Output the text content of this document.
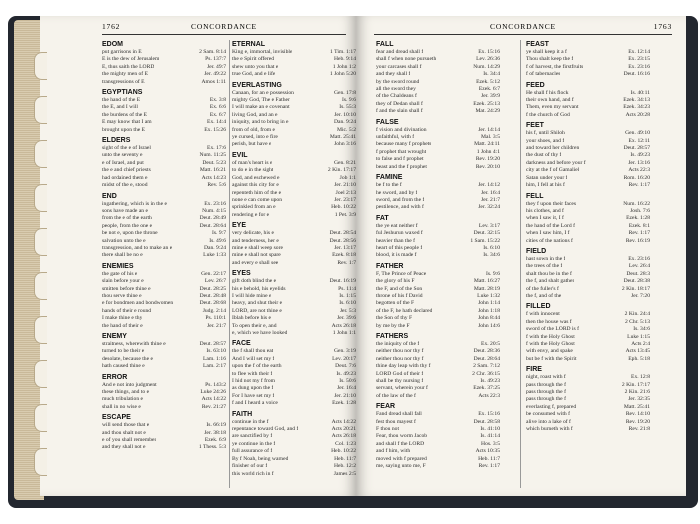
1762	CONCORDANCE
EDOM
put garrisons in E	2 Sam. 8:14
E is the dew of Jerusalem	Ps. 137:7
E, thus saith the LORD	Jer. 49:7
the mighty men of E	Jer. 49:22
transgressions of E	Amos 1:11
EGYPTIANS
the hand of the E	Ex. 3:8
the E, and I will	Ex. 6:6
the burdens of the E	Ex. 6:7
E may know that I am	Ex. 14:4
brought upon the E	Ex. 15:26
ELDERS
sight of the e of Israel	Ex. 17:6
unto the seventy e	Num. 11:25
e of Israel, and put	Deut. 5:23
the e and chief priests	Matt. 16:21
had ordained them e	Acts 14:23
midst of the e, stood	Rev. 5:6
END
ingathering, which is in the e	Ex. 23:16
sons have made an e	Num. 4:15
from the e of the earth	Deut. 28:49
people, from the one e	Deut. 28:64
be not e, upon the throne	Is. 9:7
salvation unto the e	Is. 49:6
transgression, and to make an e	Dan. 9:24
there shall be no e	Luke 1:33
ENEMIES
the gate of his e	Gen. 22:17
slain before your e	Lev. 26:7
smitten before thine e	Deut. 28:25
thou serve thine e	Deut. 28:48
e for bondmen and bondwomen	Deut. 28:68
hands of their e round	Judg. 2:14
I make thine e thy	Ps. 110:1
the hand of their e	Jer. 21:7
ENEMY
straitness, wherewith thine e	Deut. 28:57
turned to be their e	Is. 63:10
desolate, because the e	Lam. 1:16
hath caused thine e	Lam. 2:17
ERROR
And e not into judgment	Ps. 143:2
these things, and to e	Luke 24:26
much tribulation e	Acts 14:22
shall in no wise e	Rev. 21:27
ESCAPE
will send those that e	Is. 66:19
and thou shalt not e	Jer. 38:18
e of you shall remember	Ezek. 6:9
and they shall not e	1 Thess. 5:3
ETERNAL
King e, immortal, invisible	1 Tim. 1:17
the e Spirit offered	Heb. 9:14
shew unto you that e	1 John 1:2
true God, and e life	1 John 5:20
EVERLASTING
Canaan, for an e possession	Gen. 17:8
mighty God, The e Father	Is. 9:6
I will make an e covenant	Is. 55:3
living God, and an e	Jer. 10:10
iniquity, and to bring in e	Dan. 9:24
from of old, from e	Mic. 5:2
ye cursed, into e fire	Matt. 25:41
perish, but have e	John 3:16
EVIL
of man's heart is e	Gen. 8:21
to do e in the sight	2 Kin. 17:17
God, and eschewed e	Job 1:1
against this city for e	Jer. 21:10
repenteth him of the e	Joel 2:13
none e can come upon	Jer. 23:17
sprinkled from an e	Heb. 10:22
rendering e for e	1 Pet. 3:9
EYE
very delicate, his e	Deut. 28:54
and tenderness, her e	Deut. 28:56
mine e shall weep sore	Jer. 13:17
mine e shall not spare	Ezek. 8:18
and every e shall see	Rev. 1:7
EYES
gift doth blind the e	Deut. 16:19
his e behold, his eyelids	Ps. 11:4
I will hide mine e	Is. 1:15
heavy, and shut their e	Is. 6:10
LORD, are not thine e	Jer. 5:3
Iblah before his e	Jer. 39:6
To open their e, and	Acts 26:18
e, which we have looked	1 John 1:1
FACE
the f shall thou eat	Gen. 3:19
And I will set my f	Lev. 20:17
upon the f of the earth	Deut. 7:6
to flee with their f	Is. 49:23
I hid not my f from	Is. 50:6
as dung upon the f	Jer. 16:4
For I have set my f	Jer. 21:10
f and I heard a voice	Ezek. 1:28
FAITH
continue in the f	Acts 14:22
repentance toward God, and f	Acts 20:21
are sanctified by f	Acts 26:18
ye continue in the f	Col. 1:23
full assurance of f	Heb. 10:22
By f Noah, being warned	Heb. 11:7
finisher of our f	Heb. 12:2
this world rich in f	James 2:5
CONCORDANCE	1763
FALL
fear and dread shall f	Ex. 15:16
shall f when none pursueth	Lev. 26:36
your carcases shall f	Num. 14:29
and they shall f	Is. 34:4
by the sword round	Ezek. 5:12
all the sword they	Ezek. 6:7
of the Chaldeans f	Jer. 39:9
they of Dedan shall f	Ezek. 25:13
f and the slain shall f	Mat. 24:29
FALSE
f vision and divination	Jer. 14:14
unfaithful, with f	Mal. 3:5
because many f prophets	Matt. 24:11
f prophet that wrought	1 John 4:1
to false and f prophet	Rev. 19:20
beast and the f prophet	Rev. 20:10
FAMINE
be f to the f	Jer. 14:12
he sword, and by f	Jer. 16:4
sword, and from the f	Jer. 21:7
pestilence, and with f	Jer. 32:24
FAT
the ye eat neither f	Lev. 3:17
ful Jeshurun waxed f	Deut. 32:15
heavier than the f	1 Sam. 15:22
heart of this people f	Is. 6:10
blood, it is made f	Is. 34:6
FATHER
F, The Prince of Peace	Is. 9:6
the glory of his F	Matt. 16:27
the F, and of the Son	Matt. 28:19
throne of his f David	Luke 1:32
begotten of the F	John 1:14
of the F, he hath declared	John 1:18
the Son of thy F	John 8:44
by me by the F	John 14:6
FATHERS
the iniquity of the f	Ex. 20:5
neither thou nor thy f	Deut. 28:36
neither thou nor thy f	Deut. 28:64
thine day leap with thy f	2 Sam. 7:12
LORD God of their f	2 Chr. 36:15
shall be thy nursing f	Is. 49:23
servant, wherein your f	Ezek. 37:25
of the law of the f	Acts 22:3
FEAR
Fand dread shall fall	Ex. 15:16
fest thou mayest f	Deut. 28:58
F thou not	Is. 41:10
Fear, thou worm Jacob	Is. 41:14
and shall f the LORD	Hos. 3:5
and f him, with	Acts 10:35
moved with f prepared	Heb. 11:7
me, saying unto me, F	Rev. 1:17
FEAST
ye shall keep it a f	Ex. 12:14
Thou shalt keep the f	Ex. 23:15
f of harvest, the firstfruits	Ex. 23:16
f of tabernacles	Deut. 16:16
FEED
He shall f his flock	Is. 40:11
their own hand, and f	Ezek. 34:13
Them, even my servant	Ezek. 34:23
f the church of God	Acts 20:28
FEET
his f, until Shiloh	Gen. 49:10
your shoes, and f	Ex. 12:11
and toward her children	Deut. 28:57
the dust of thy f	Is. 49:23
darkness and before your f	Jer. 13:16
city at the f of Gamaliel	Acts 22:3
Satan under your f	Rom. 16:20
him, I fell at his f	Rev. 1:17
FELL
they f upon their faces	Num. 16:22
his clothes, and f	Josh. 7:6
when I saw it, I f	Ezek. 1:28
the hand of the Lord f	Ezek. 8:1
when I saw him, I f	Rev. 1:17
cities of the nations f	Rev. 16:19
FIELD
hast sown in the f	Ex. 23:16
the trees of the f	Lev. 26:4
shalt thou be in the f	Deut. 28:3
the f, and shalt gather	Deut. 28:38
of the fuller's f	2 Kin. 18:17
the f, and of the	Jer. 7:20
FILLED
f with innocent	2 Kin. 24:4
then the house was f	2 Chr. 5:13
sword of the LORD is f	Is. 34:6
f with the Holy Ghost	Luke 1:15
f with the Holy Ghost	Acts 2:4
with envy, and spake	Acts 13:45
but be f with the Spirit	Eph. 5:18
FIRE
night, roast with f	Ex. 12:8
pass through the f	2 Kin. 17:17
pass through the f	2 Kin. 21:6
pass through the f	Jer. 32:35
everlasting f, prepared	Matt. 25:41
be consumed with f	Rev. 14:10
alive into a lake of f	Rev. 19:20
which burneth with f	Rev. 21:8
